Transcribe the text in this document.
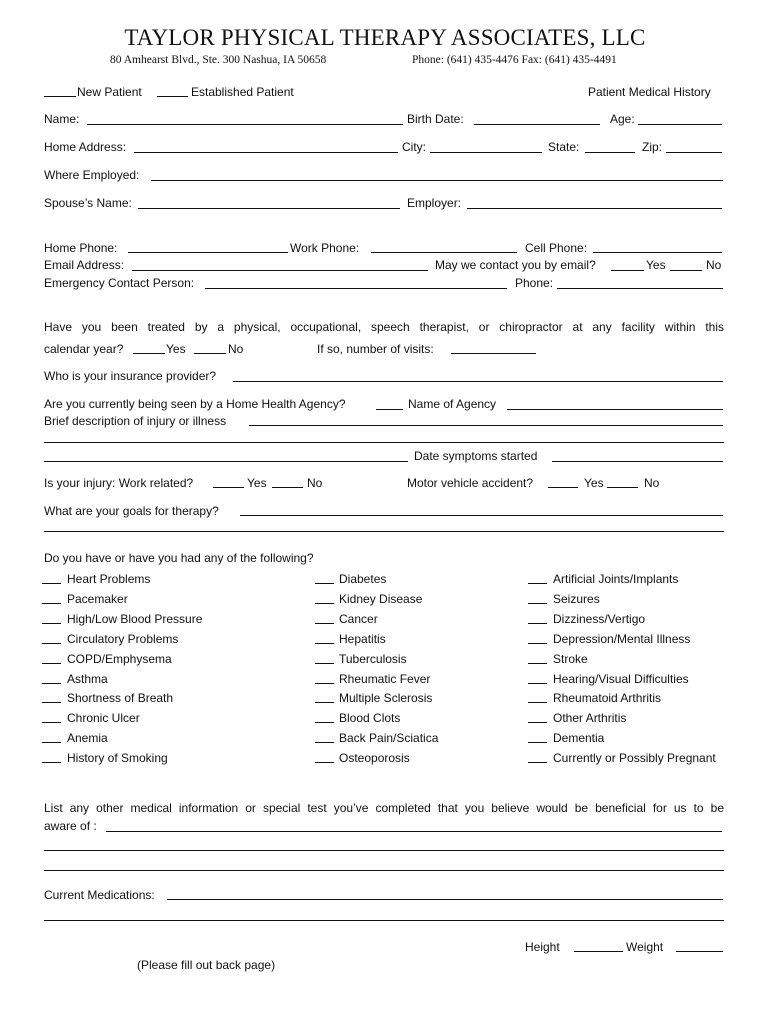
TAYLOR PHYSICAL THERAPY ASSOCIATES, LLC
80 Amhearst Blvd., Ste. 300 Nashua, IA 50658	Phone: (641) 435-4476 Fax: (641) 435-4491
New Patient	Established Patient	Patient Medical History
Name:	Birth Date:	Age:
Home Address:	City:	State:	Zip:
Where Employed:
Spouse’s Name:	Employer:
Home Phone:	Work Phone:	Cell Phone:
Email Address:	May we contact you by email?	Yes	No
Emergency Contact Person:	Phone:
Have you been treated by a physical, occupational, speech therapist, or chiropractor at any facility within this
calendar year?	Yes	No	If so, number of visits:
Who is your insurance provider?
Are you currently being seen by a Home Health Agency?	Name of Agency
Brief description of injury or illness
Date symptoms started
Is your injury: Work related?	Yes	No	Motor vehicle accident?	Yes	No
What are your goals for therapy?
Do you have or have you had any of the following?
Heart Problems
Pacemaker
High/Low Blood Pressure
Circulatory Problems
COPD/Emphysema
Asthma
Shortness of Breath
Chronic Ulcer
Anemia
History of Smoking
Diabetes
Kidney Disease
Cancer
Hepatitis
Tuberculosis
Rheumatic Fever
Multiple Sclerosis
Blood Clots
Back Pain/Sciatica
Osteoporosis
Artificial Joints/Implants
Seizures
Dizziness/Vertigo
Depression/Mental Illness
Stroke
Hearing/Visual Difficulties
Rheumatoid Arthritis
Other Arthritis
Dementia
Currently or Possibly Pregnant
List any other medical information or special test you’ve completed that you believe would be beneficial for us to be
aware of :
Current Medications:
Height	Weight
(Please fill out back page)
